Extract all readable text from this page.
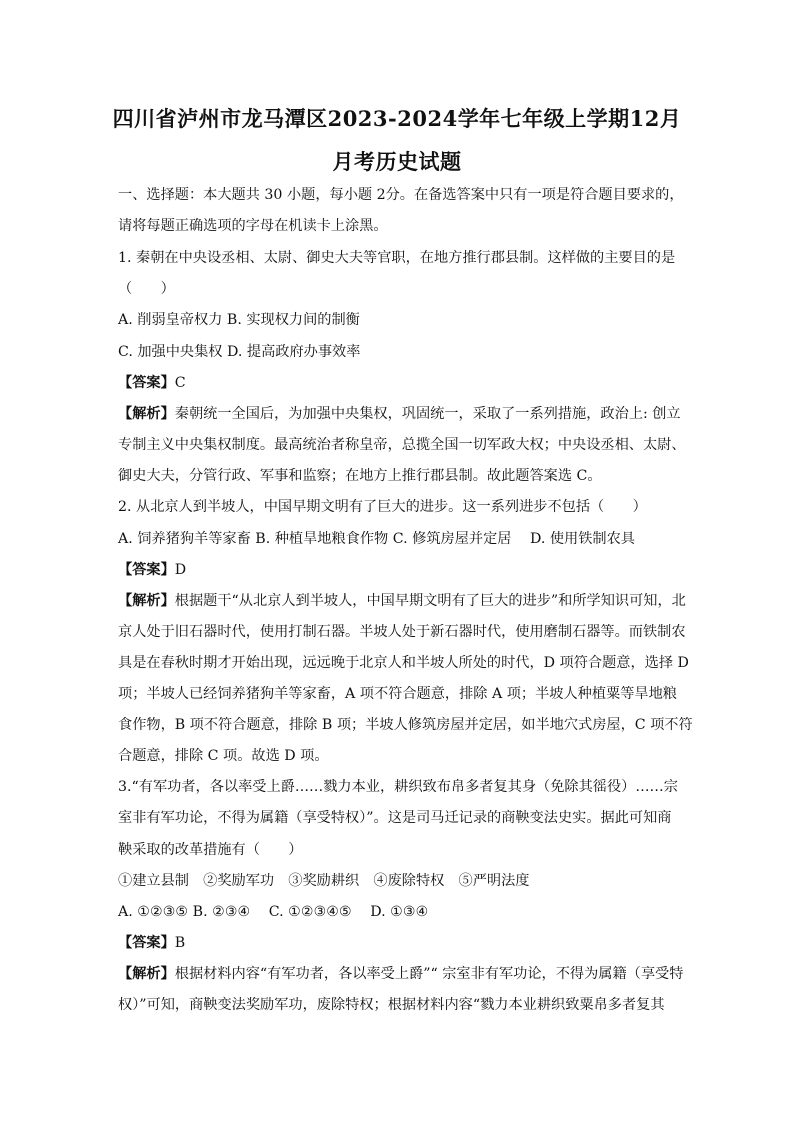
四川省泸州市龙马潭区2023-2024学年七年级上学期12月
月考历史试题
一、选择题：本大题共 30 小题，每小题 2分。在备选答案中只有一项是符合题目要求的，
请将每题正确选项的字母在机读卡上涂黑。
1. 秦朝在中央设丞相、太尉、御史大夫等官职，在地方推行郡县制。这样做的主要目的是
（　　）
A. 削弱皇帝权力 B. 实现权力间的制衡
C. 加强中央集权 D. 提高政府办事效率
【答案】C
【解析】秦朝统一全国后，为加强中央集权，巩固统一，采取了一系列措施，政治上: 创立
专制主义中央集权制度。最高统治者称皇帝，总揽全国一切军政大权；中央设丞相、太尉、
御史大夫，分管行政、军事和监察；在地方上推行郡县制。故此题答案选 C。
2. 从北京人到半坡人，中国早期文明有了巨大的进步。这一系列进步不包括（　　）
A. 饲养猪狗羊等家畜 B. 种植旱地粮食作物 C. 修筑房屋并定居 D. 使用铁制农具
【答案】D
【解析】根据题干“从北京人到半坡人，中国早期文明有了巨大的进步”和所学知识可知，北
京人处于旧石器时代，使用打制石器。半坡人处于新石器时代，使用磨制石器等。而铁制农
具是在春秋时期才开始出现，远远晚于北京人和半坡人所处的时代，D 项符合题意，选择 D
项；半坡人已经饲养猪狗羊等家畜，A 项不符合题意，排除 A 项；半坡人种植粟等旱地粮
食作物，B 项不符合题意，排除 B 项；半坡人修筑房屋并定居，如半地穴式房屋，C 项不符
合题意，排除 C 项。故选 D 项。
3.“有军功者，各以率受上爵……戮力本业，耕织致布帛多者复其身（免除其徭役）……宗
室非有军功论，不得为属籍（享受特权）”。这是司马迁记录的商鞅变法史实。据此可知商
鞅采取的改革措施有（　　）
①建立县制　②奖励军功　③奖励耕织　④废除特权　⑤严明法度
A. ①②③⑤ B. ②③④ C. ①②③④⑤ D. ①③④
【答案】B
【解析】根据材料内容“有军功者，各以率受上爵”“ 宗室非有军功论，不得为属籍（享受特
权）”可知，商鞅变法奖励军功，废除特权；根据材料内容“戮力本业耕织致粟帛多者复其
